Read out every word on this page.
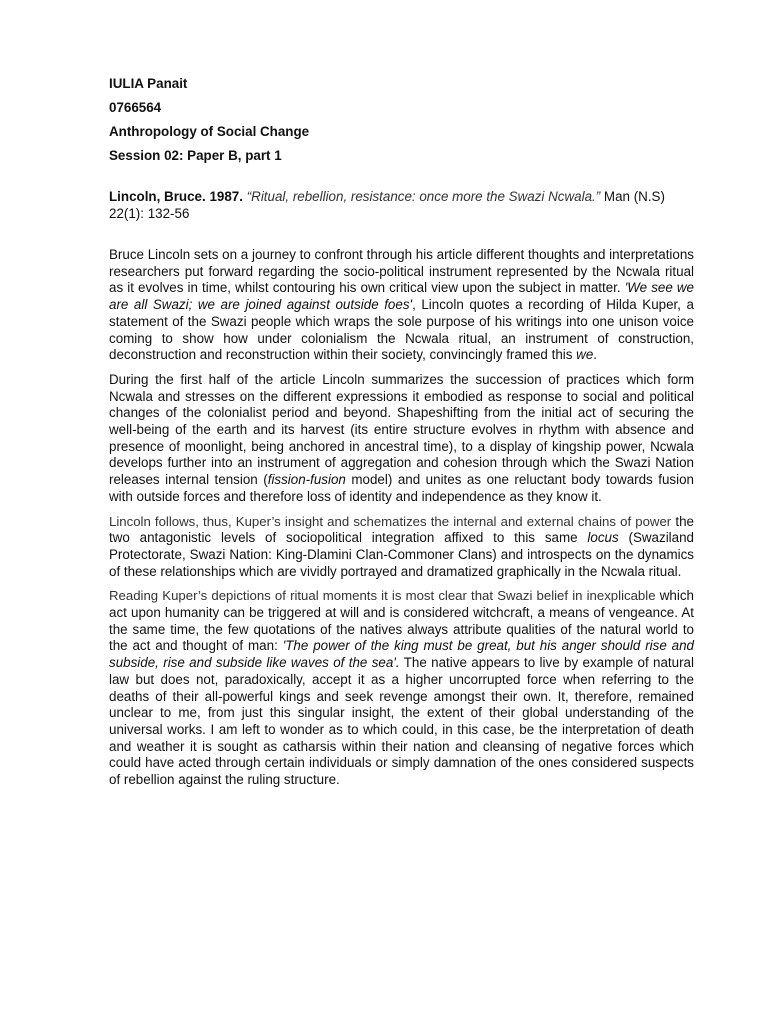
IULIA Panait

0766564

Anthropology of Social Change

Session 02: Paper B, part 1

Lincoln, Bruce. 1987. “Ritual, rebellion, resistance: once more the Swazi Ncwala.” Man (N.S) 22(1): 132-56

Bruce Lincoln sets on a journey to confront through his article different thoughts and interpretations researchers put forward regarding the socio-political instrument represented by the Ncwala ritual as it evolves in time, whilst contouring his own critical view upon the subject in matter. 'We see we are all Swazi; we are joined against outside foes', Lincoln quotes a recording of Hilda Kuper, a statement of the Swazi people which wraps the sole purpose of his writings into one unison voice coming to show how under colonialism the Ncwala ritual, an instrument of construction, deconstruction and reconstruction within their society, convincingly framed this we.

During the first half of the article Lincoln summarizes the succession of practices which form Ncwala and stresses on the different expressions it embodied as response to social and political changes of the colonialist period and beyond. Shapeshifting from the initial act of securing the well-being of the earth and its harvest (its entire structure evolves in rhythm with absence and presence of moonlight, being anchored in ancestral time), to a display of kingship power, Ncwala develops further into an instrument of aggregation and cohesion through which the Swazi Nation releases internal tension (fission-fusion model) and unites as one reluctant body towards fusion with outside forces and therefore loss of identity and independence as they know it.

Lincoln follows, thus, Kuper’s insight and schematizes the internal and external chains of power the two antagonistic levels of sociopolitical integration affixed to this same locus (Swaziland Protectorate, Swazi Nation: King-Dlamini Clan-Commoner Clans) and introspects on the dynamics of these relationships which are vividly portrayed and dramatized graphically in the Ncwala ritual.

Reading Kuper’s depictions of ritual moments it is most clear that Swazi belief in inexplicable which act upon humanity can be triggered at will and is considered witchcraft, a means of vengeance. At the same time, the few quotations of the natives always attribute qualities of the natural world to the act and thought of man: 'The power of the king must be great, but his anger should rise and subside, rise and subside like waves of the sea'. The native appears to live by example of natural law but does not, paradoxically, accept it as a higher uncorrupted force when referring to the deaths of their all-powerful kings and seek revenge amongst their own. It, therefore, remained unclear to me, from just this singular insight, the extent of their global understanding of the universal works. I am left to wonder as to which could, in this case, be the interpretation of death and weather it is sought as catharsis within their nation and cleansing of negative forces which could have acted through certain individuals or simply damnation of the ones considered suspects of rebellion against the ruling structure.
